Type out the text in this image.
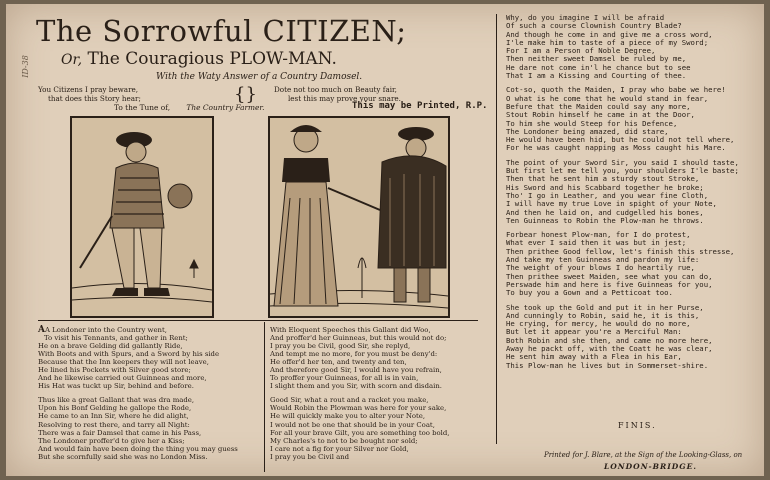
ID-38
The Sorrowful CITIZEN;
Or, The Couragious PLOW-MAN.
With the Waty Answer of a Country Damosel.
You Citizens I pray beware,
that does this Story hear;	{} Dote not too much on Beauty fair,
lest this may prove your snare.
To the Tune of, The Country Farmer.	This may be Printed, R.P.

AA Londoner into the Country went,

To visit his Tennants, and gather in Rent;

He on a brave Gelding did gallantly Ride,

With Boots and with Spurs, and a Sword by his side

Because that the Inn keepers they will not leave,

He lined his Pockets with Silver good store;

And he likewise carried out Guinneas and more,

His Hat was tuckt up Sir, behind and before.

Thus like a great Gallant that was dra made,

Upon his Bonf Gelding he gallope the Rode,

He came to an Inn Sir, where he did alight,

Resolving to rest there, and tarry all Night:

There was a fair Damsel that came in his Pass,

The Londoner proffer'd to give her a Kiss;

And would fain have been doing the thing you may guess

But she scornfully said she was no London Miss.

With Eloquent Speeches this Gallant did Woo,

And proffer'd her Guinneas, but this would not do;

I pray you be Civil, good Sir, she replyd,

And tempt me no more, for you must be deny'd:

He offer'd her ten, and twenty and ten,

And therefore good Sir, I would have you refrain,

To proffer your Guinneas, for all is in vain,

I slight them and you Sir, with scorn and disdain.

Good Sir, what a rout and a racket you make,

Would Robin the Plowman was here for your sake,

He will quickly make you to alter your Note,

I would not be one that should be in your Coat,

For all your brave Gilt, you are something too bold,

My Charles's to not to be bought nor sold;

I care not a fig for your Silver nor Gold,

I pray you be Civil and

Why, do you imagine I will be afraid

Of such a course Clownish Country Blade?

And though he come in and give me a cross word,

I'le make him to taste of a piece of my Sword;

For I am a Person of Noble Degree,

Then neither sweet Damsel be ruled by me,

He dare not come in'l he chance but to see

That I am a Kissing and Courting of thee.

Cot-so, quoth the Maiden, I pray who babe we here!

O what is he come that he would stand in fear,

Befure that the Maiden could say any more,

Stout Robin himself he came in at the Door,

To him she would Steep for his Defence,

The Londoner being amazed, did stare,

He would have been hid, but he could not tell where,

For he was caught napping as Moss caught his Mare.

The point of your Sword Sir, you said I should taste,

But first let me tell you, your shoulders I'le baste;

Then that he sent him a sturdy stout Stroke,

His Sword and his Scabbard together he broke;

Tho' I go in Leather, and you wear fine Cloth,

I will have my true Love in spight of your Note,

And then he laid on, and cudgelled his bones,

Ten Guinneas to Robin the Plow-man he throws.

Forbear honest Plow-man, for I do protest,

What ever I said then it was but in jest;

Then prithee Good fellow, let's finish this stresse,

And take my ten Guinneas and pardon my life:

The weight of your blows I do heartily rue,

Then prithee sweet Maiden, see what you can do,

Perswade him and here is five Guinneas for you,

To buy you a Gown and a Petticoat too.

She took up the Gold and put it in her Purse,

And cunningly to Robin, said he, it is this,

He crying, for mercy, he would do no more,

But let it appear you're a Merciful Man:

Both Robin and she then, and came no more here,

Away he packt off, with the Coatt he was clear,

He sent him away with a Flea in his Ear,

This Plow-man he lives but in Sommerset-shire.

FINIS.
Printed for J. Blare, at the Sign of the Looking-Glass, on
LONDON-BRIDGE.
